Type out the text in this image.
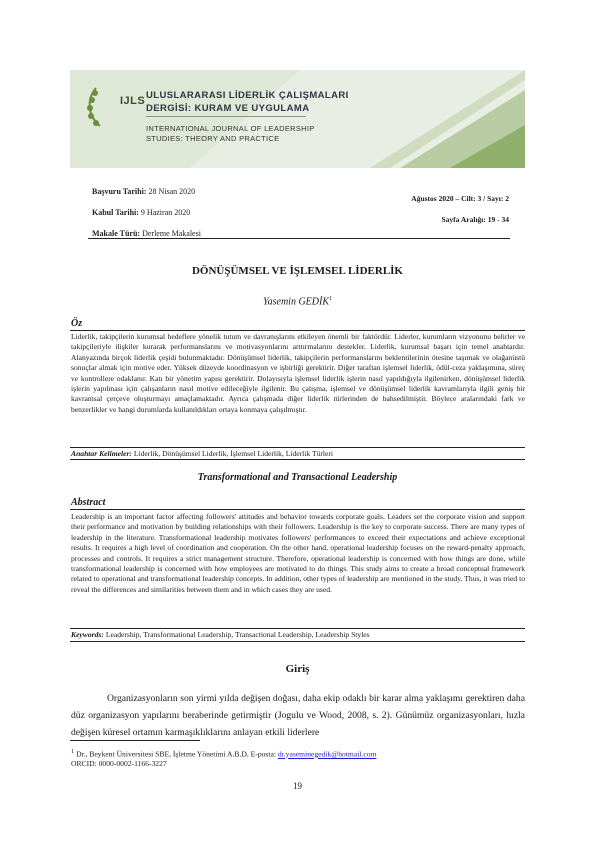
IJLS ULUSLARARASI LİDERLİK ÇALIŞMALARI
DERGİSİ: KURAM VE UYGULAMA
INTERNATIONAL JOURNAL OF LEADERSHIP
STUDIES: THEORY AND PRACTICE
Başvuru Tarihi: 28 Nisan 2020
Kabul Tarihi: 9 Haziran 2020
Makale Türü: Derleme Makalesi
Ağustos 2020 – Cilt: 3 / Sayı: 2
Sayfa Aralığı: 19 - 34
DÖNÜŞÜMSEL VE İŞLEMSEL LİDERLİK
Yasemin GEDİK$^1$
Öz
Liderlik, takipçilerin kurumsal hedeflere yönelik tutum ve davranışlarını etkileyen önemli bir faktördür. Liderler, kurumların vizyonunu belirler ve takipçileriyle ilişkiler kurarak performanslarını ve motivasyonlarını arttırmalarını destekler. Liderlik, kurumsal başarı için temel anahtardır. Alanyazında birçok liderlik çeşidi bulunmaktadır. Dönüşümsel liderlik, takipçilerin performanslarını beklentilerinin ötesine taşımak ve olağanüstü sonuçlar almak için motive eder. Yüksek düzeyde koordinasyon ve işbirliği gerektirir. Diğer taraftan işlemsel liderlik, ödül-ceza yaklaşımına, süreç ve kontrollere odaklanır. Katı bir yönetim yapısı gerektirir. Dolayısıyla işlemsel liderlik işlerin nasıl yapıldığıyla ilgilenirken, dönüşümsel liderlik işlerin yapılması için çalışanların nasıl motive edileceğiyle ilgilenir. Bu çalışma, işlemsel ve dönüşümsel liderlik kavramlarıyla ilgili geniş bir kavramsal çerçeve oluşturmayı amaçlamaktadır. Ayrıca çalışmada diğer liderlik türlerinden de bahsedilmiştir. Böylece aralarındaki fark ve benzerlikler ve hangi durumlarda kullanıldıkları ortaya konmaya çalışılmıştır.
Anahtar Kelimeler: Liderlik, Dönüşümsel Liderlik, İşlemsel Liderlik, Liderlik Türleri
Transformational and Transactional Leadership
Abstract
Leadership is an important factor affecting followers' attitudes and behavior towards corporate goals. Leaders set the corporate vision and support their performance and motivation by building relationships with their followers. Leadership is the key to corporate success. There are many types of leadership in the literature. Transformational leadership motivates followers' performances to exceed their expectations and achieve exceptional results. It requires a high level of coordination and cooperation. On the other hand, operational leadership focuses on the reward-penalty approach, processes and controls. It requires a strict management structure. Therefore, operational leadership is concerned with how things are done, while transformational leadership is concerned with how employees are motivated to do things. This study aims to create a broad conceptual framework related to operational and transformational leadership concepts. In addition, other types of leadership are mentioned in the study. Thus, it was tried to reveal the differences and similarities between them and in which cases they are used.
Keywords: Leadership, Transformational Leadership, Transactional Leadership, Leadership Styles
Giriş
Organizasyonların son yirmi yılda değişen doğası, daha ekip odaklı bir karar alma yaklaşımı gerektiren daha düz organizasyon yapılarını beraberinde getirmiştir (Jogulu ve Wood, 2008, s. 2). Günümüz organizasyonları, hızla değişen küresel ortamın karmaşıklıklarını anlayan etkili liderlere
$^1$ Dr., Beykent Üniversitesi SBE, İşletme Yönetimi A.B.D, E-posta: dr.yaseminegedik@hotmail.com
ORCID: 0000-0002-1166-3227
19
